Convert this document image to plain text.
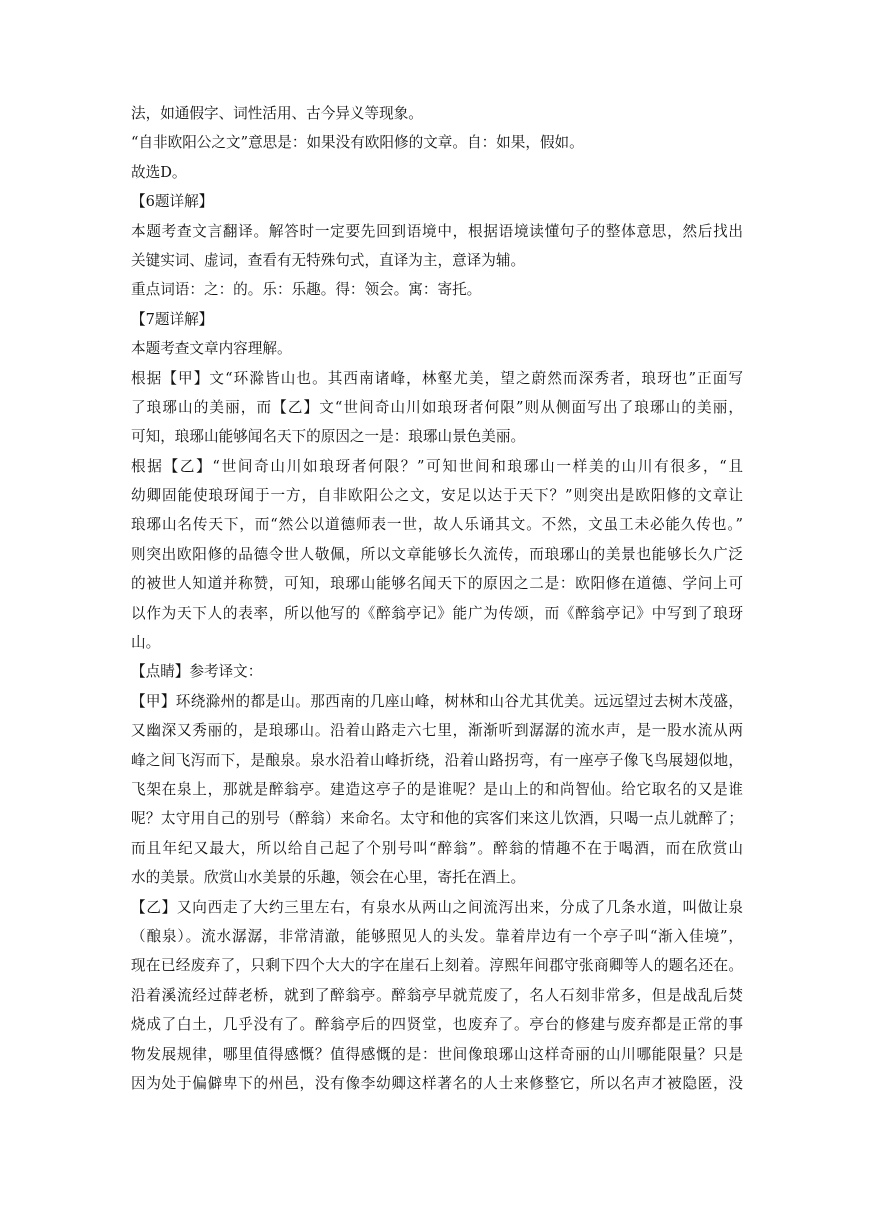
法，如通假字、词性活用、古今异义等现象。
“自非欧阳公之文”意思是：如果没有欧阳修的文章。自：如果，假如。
故选D。
【6题详解】
本题考查文言翻译。解答时一定要先回到语境中，根据语境读懂句子的整体意思，然后找出
关键实词、虚词，查看有无特殊句式，直译为主，意译为辅。
重点词语：之：的。乐：乐趣。得：领会。寓：寄托。
【7题详解】
本题考查文章内容理解。
根据【甲】文“环滁皆山也。其西南诸峰，林壑尤美，望之蔚然而深秀者，琅玡也”正面写
了琅琊山的美丽，而【乙】文“世间奇山川如琅玡者何限”则从侧面写出了琅琊山的美丽，
可知，琅琊山能够闻名天下的原因之一是：琅琊山景色美丽。
根据【乙】“世间奇山川如琅玡者何限？”可知世间和琅琊山一样美的山川有很多，“且
幼卿固能使琅玡闻于一方，自非欧阳公之文，安足以达于天下？”则突出是欧阳修的文章让
琅琊山名传天下，而“然公以道德师表一世，故人乐诵其文。不然，文虽工未必能久传也。”
则突出欧阳修的品德令世人敬佩，所以文章能够长久流传，而琅琊山的美景也能够长久广泛
的被世人知道并称赞，可知，琅琊山能够名闻天下的原因之二是：欧阳修在道德、学问上可
以作为天下人的表率，所以他写的《醉翁亭记》能广为传颂，而《醉翁亭记》中写到了琅玡
山。
【点睛】参考译文：
【甲】环绕滁州的都是山。那西南的几座山峰，树林和山谷尤其优美。远远望过去树木茂盛，
又幽深又秀丽的，是琅琊山。沿着山路走六七里，渐渐听到潺潺的流水声，是一股水流从两
峰之间飞泻而下，是酿泉。泉水沿着山峰折绕，沿着山路拐弯，有一座亭子像飞鸟展翅似地，
飞架在泉上，那就是醉翁亭。建造这亭子的是谁呢？是山上的和尚智仙。给它取名的又是谁
呢？太守用自己的别号（醉翁）来命名。太守和他的宾客们来这儿饮酒，只喝一点儿就醉了；
而且年纪又最大，所以给自己起了个别号叫“醉翁”。醉翁的情趣不在于喝酒，而在欣赏山
水的美景。欣赏山水美景的乐趣，领会在心里，寄托在酒上。
【乙】又向西走了大约三里左右，有泉水从两山之间流泻出来，分成了几条水道，叫做让泉
（酿泉）。流水潺潺，非常清澈，能够照见人的头发。靠着岸边有一个亭子叫“渐入佳境”，
现在已经废弃了，只剩下四个大大的字在崖石上刻着。淳熙年间郡守张商卿等人的题名还在。
沿着溪流经过薛老桥，就到了醉翁亭。醉翁亭早就荒废了，名人石刻非常多，但是战乱后焚
烧成了白土，几乎没有了。醉翁亭后的四贤堂，也废弃了。亭台的修建与废弃都是正常的事
物发展规律，哪里值得感慨？值得感慨的是：世间像琅琊山这样奇丽的山川哪能限量？只是
因为处于偏僻卑下的州邑，没有像李幼卿这样著名的人士来修整它，所以名声才被隐匿，没
